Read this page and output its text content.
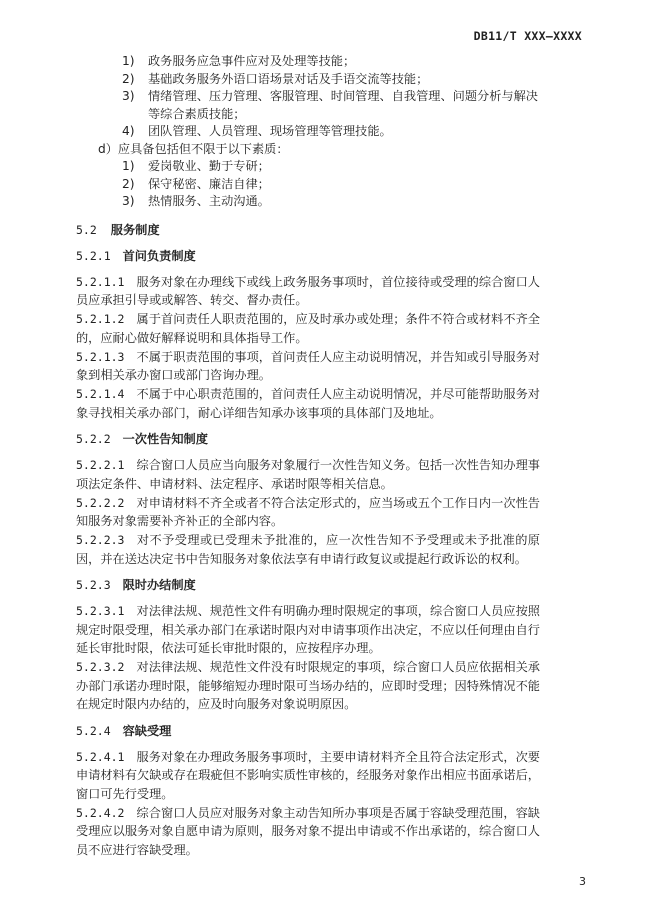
DB11/T XXX—XXXX
1)	政务服务应急事件应对及处理等技能；
2)	基础政务服务外语口语场景对话及手语交流等技能；
3)	情绪管理、压力管理、客服管理、时间管理、自我管理、问题分析与解决等综合素质技能；
4)	团队管理、人员管理、现场管理等管理技能。
d）应具备包括但不限于以下素质：
1)	爱岗敬业、勤于专研；
2)	保守秘密、廉洁自律；
3)	热情服务、主动沟通。
5.2 服务制度
5.2.1 首问负责制度
5.2.1.1 服务对象在办理线下或线上政务服务事项时，首位接待或受理的综合窗口人员应承担引导或或解答、转交、督办责任。
5.2.1.2 属于首问责任人职责范围的，应及时承办或处理；条件不符合或材料不齐全的，应耐心做好解释说明和具体指导工作。
5.2.1.3 不属于职责范围的事项，首问责任人应主动说明情况，并告知或引导服务对象到相关承办窗口或部门咨询办理。
5.2.1.4 不属于中心职责范围的，首问责任人应主动说明情况，并尽可能帮助服务对象寻找相关承办部门，耐心详细告知承办该事项的具体部门及地址。
5.2.2 一次性告知制度
5.2.2.1 综合窗口人员应当向服务对象履行一次性告知义务。包括一次性告知办理事项法定条件、申请材料、法定程序、承诺时限等相关信息。
5.2.2.2 对申请材料不齐全或者不符合法定形式的，应当场或五个工作日内一次性告知服务对象需要补齐补正的全部内容。
5.2.2.3 对不予受理或已受理未予批准的，应一次性告知不予受理或未予批准的原因，并在送达决定书中告知服务对象依法享有申请行政复议或提起行政诉讼的权利。
5.2.3 限时办结制度
5.2.3.1 对法律法规、规范性文件有明确办理时限规定的事项，综合窗口人员应按照规定时限受理，相关承办部门在承诺时限内对申请事项作出决定，不应以任何理由自行延长审批时限，依法可延长审批时限的，应按程序办理。
5.2.3.2 对法律法规、规范性文件没有时限规定的事项，综合窗口人员应依据相关承办部门承诺办理时限，能够缩短办理时限可当场办结的，应即时受理；因特殊情况不能在规定时限内办结的，应及时向服务对象说明原因。
5.2.4 容缺受理
5.2.4.1 服务对象在办理政务服务事项时，主要申请材料齐全且符合法定形式，次要申请材料有欠缺或存在瑕疵但不影响实质性审核的，经服务对象作出相应书面承诺后，窗口可先行受理。
5.2.4.2 综合窗口人员应对服务对象主动告知所办事项是否属于容缺受理范围，容缺受理应以服务对象自愿申请为原则，服务对象不提出申请或不作出承诺的，综合窗口人员不应进行容缺受理。
3
